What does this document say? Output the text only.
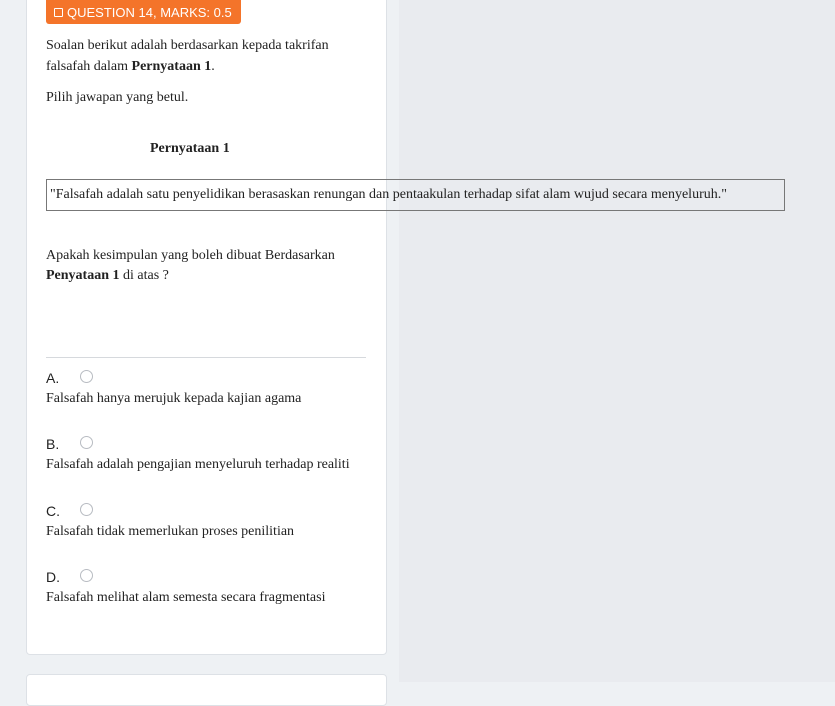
QUESTION 14, MARKS: 0.5
Soalan berikut adalah berdasarkan kepada takrifan
falsafah dalam Pernyataan 1.
Pilih jawapan yang betul.
Pernyataan 1
"Falsafah adalah satu penyelidikan berasaskan renungan dan pentaakulan terhadap sifat alam wujud secara menyeluruh."
Apakah kesimpulan yang boleh dibuat Berdasarkan
Penyataan 1 di atas ?
A.
Falsafah hanya merujuk kepada kajian agama
B.
Falsafah adalah pengajian menyeluruh terhadap realiti
C.
Falsafah tidak memerlukan proses penilitian
D.
Falsafah melihat alam semesta secara fragmentasi
